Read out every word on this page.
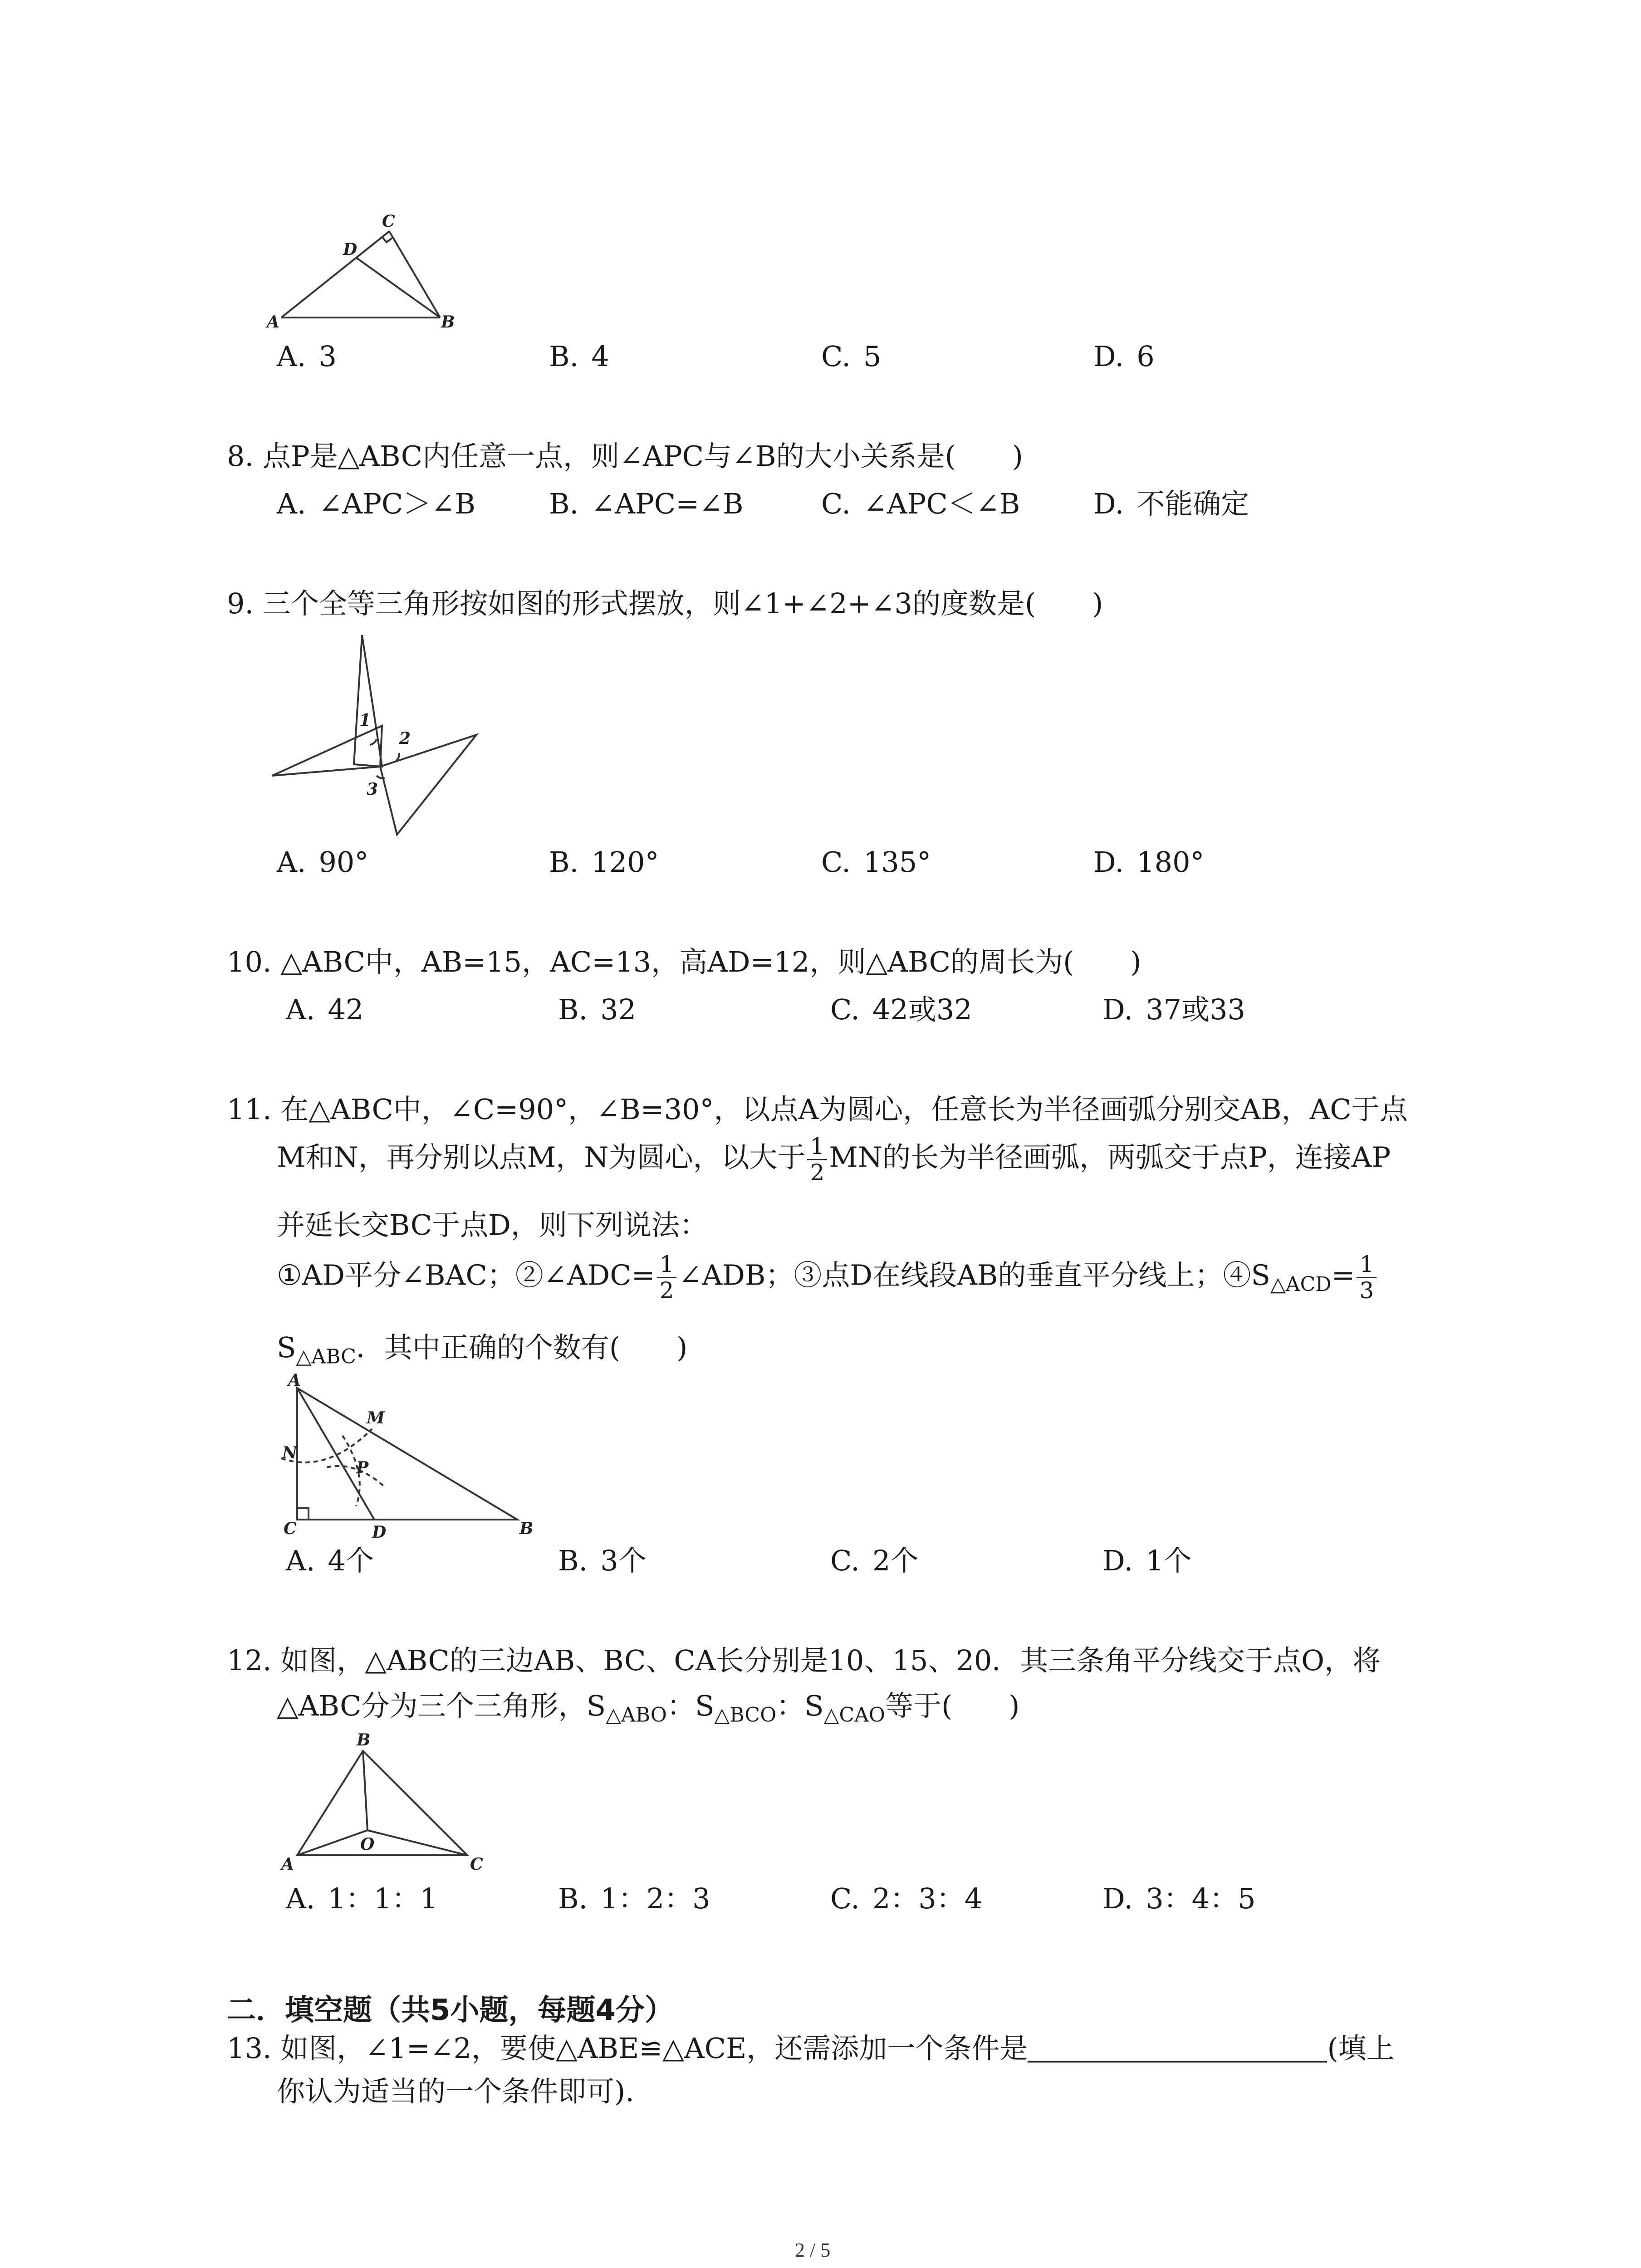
A	B
C
D
A. 3	B. 4	C. 5	D. 6
8. 点P是△ABC内任意一点，则∠APC与∠B的大小关系是(　　)
A. ∠APC＞∠B	B. ∠APC=∠B	C. ∠APC＜∠B	D. 不能确定
9. 三个全等三角形按如图的形式摆放，则∠1+∠2+∠3的度数是(　　)
1
2
3
A. 90°	B. 120°	C. 135°	D. 180°
10. △ABC中，AB=15，AC=13，高AD=12，则△ABC的周长为(　　)
A. 42	B. 32	C. 42或32	D. 37或33
11. 在△ABC中，∠C=90°，∠B=30°，以点A为圆心，任意长为半径画弧分别交AB，AC于点
M和N，再分别以点M，N为圆心，以大于 $\frac{1}{2}$ MN的长为半径画弧，两弧交于点P，连接AP
并延长交BC于点D，则下列说法：
①AD平分∠BAC；②∠ADC= $\frac{1}{2}$ ∠ADB；③点D在线段AB的垂直平分线上；$④S_{\triangle ACD}= \frac{1}{3}$
$S_{\triangle ABC}$．其中正确的个数有(　　)
A
B
C	D
M
N
P
A. 4个	B. 3个	C. 2个	D. 1个
12. 如图，△ABC的三边AB、BC、CA长分别是10、15、20．其三条角平分线交于点O，将
△ABC分为三个三角形，$S_{\triangle ABO}$：$S_{\triangle BCO}$：$S_{\triangle CAO}$等于(　　)
A
B
C
O
A. 1：1：1	B. 1：2：3	C. 2：3：4	D. 3：4：5
二．填空题（共5小题，每题4分）
13. 如图，∠1=∠2，要使△ABE≌△ACE，还需添加一个条件是	(填上
你认为适当的一个条件即可).
2 / 5
